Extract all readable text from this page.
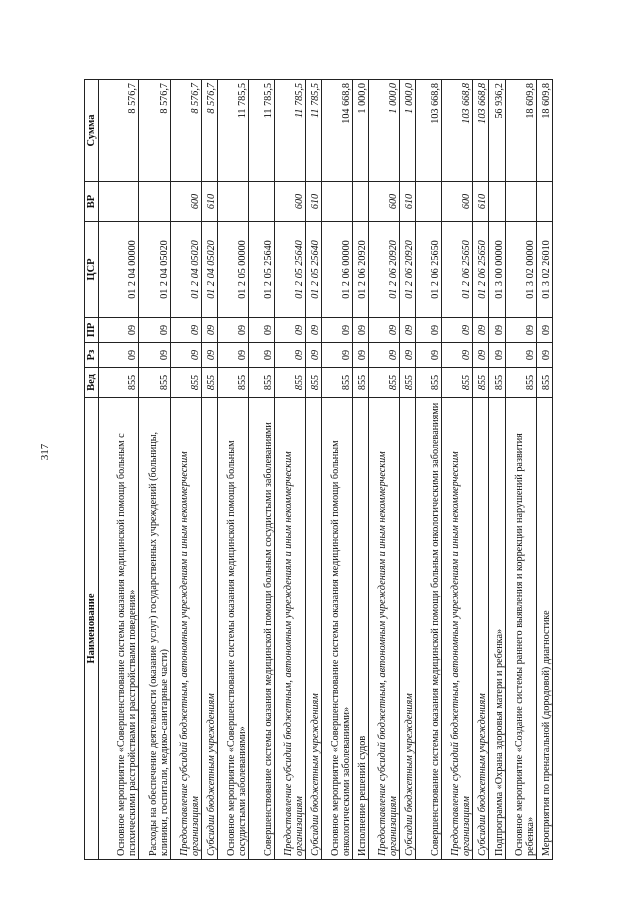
317
Наименование	Вед	Рз	ПР	ЦСР	ВР	Сумма
Основное мероприятие «Совершенствование системы оказания медицинской помощи больным с психическими расстройствами и расстройствами поведения»	855	09	09	01 2 04 00000		8 576,7
Расходы на обеспечение деятельности (оказание услуг) государственных учреждений (больницы, клиники, госпитали, медико-санитарные части)	855	09	09	01 2 04 05020		8 576,7
Предоставление субсидий бюджетным, автономным учреждениям и иным некоммерческим организациям	855	09	09	01 2 04 05020	600	8 576,7
Субсидии бюджетным учреждениям	855	09	09	01 2 04 05020	610	8 576,7
Основное мероприятие «Совершенствование системы оказания медицинской помощи больным сосудистыми заболеваниями»	855	09	09	01 2 05 00000		11 785,5
Совершенствование системы оказания медицинской помощи больным сосудистыми заболеваниями	855	09	09	01 2 05 25640		11 785,5
Предоставление субсидий бюджетным, автономным учреждениям и иным некоммерческим организациям	855	09	09	01 2 05 25640	600	11 785,5
Субсидии бюджетным учреждениям	855	09	09	01 2 05 25640	610	11 785,5
Основное мероприятие «Совершенствование системы оказания медицинской помощи больным онкологическими заболеваниями»	855	09	09	01 2 06 00000		104 668,8
Исполнение решений судов	855	09	09	01 2 06 20920		1 000,0
Предоставление субсидий бюджетным, автономным учреждениям и иным некоммерческим организациям	855	09	09	01 2 06 20920	600	1 000,0
Субсидии бюджетным учреждениям	855	09	09	01 2 06 20920	610	1 000,0
Совершенствование системы оказания медицинской помощи больным онкологическими заболеваниями	855	09	09	01 2 06 25650		103 668,8
Предоставление субсидий бюджетным, автономным учреждениям и иным некоммерческим организациям	855	09	09	01 2 06 25650	600	103 668,8
Субсидии бюджетным учреждениям	855	09	09	01 2 06 25650	610	103 668,8
Подпрограмма «Охрана здоровья матери и ребенка»	855	09	09	01 3 00 00000		56 936,2
Основное мероприятие «Создание системы раннего выявления и коррекции нарушений развития ребенка»	855	09	09	01 3 02 00000		18 609,8
Мероприятия по пренатальной (дородовой) диагностике	855	09	09	01 3 02 26010		18 609,8
